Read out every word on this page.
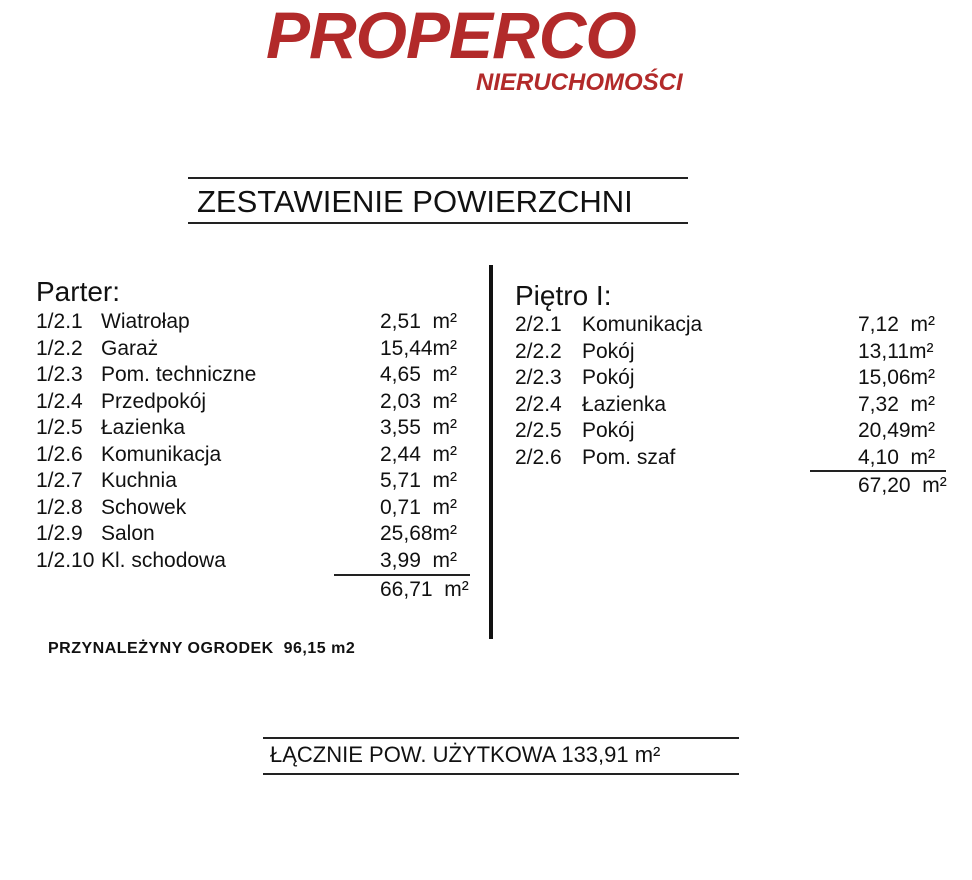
PROPERCO
NIERUCHOMOŚCI
ZESTAWIENIE POWIERZCHNI
Parter:
1/2.1 Wiatrołap	2,51  m²
1/2.2 Garaż	15,44m²
1/2.3 Pom. techniczne	4,65  m²
1/2.4 Przedpokój	2,03  m²
1/2.5 Łazienka	3,55  m²
1/2.6 Komunikacja	2,44  m²
1/2.7 Kuchnia	5,71  m²
1/2.8 Schowek	0,71  m²
1/2.9 Salon	25,68m²
1/2.10 Kl. schodowa	3,99  m²
66,71  m²
Piętro I:
2/2.1 Komunikacja	7,12  m²
2/2.2 Pokój	13,11m²
2/2.3 Pokój	15,06m²
2/2.4 Łazienka	7,32  m²
2/2.5 Pokój	20,49m²
2/2.6 Pom. szaf	4,10  m²
67,20  m²
PRZYNALEŻYNY OGRODEK  96,15 m2
ŁĄCZNIE POW. UŻYTKOWA 133,91 m²
